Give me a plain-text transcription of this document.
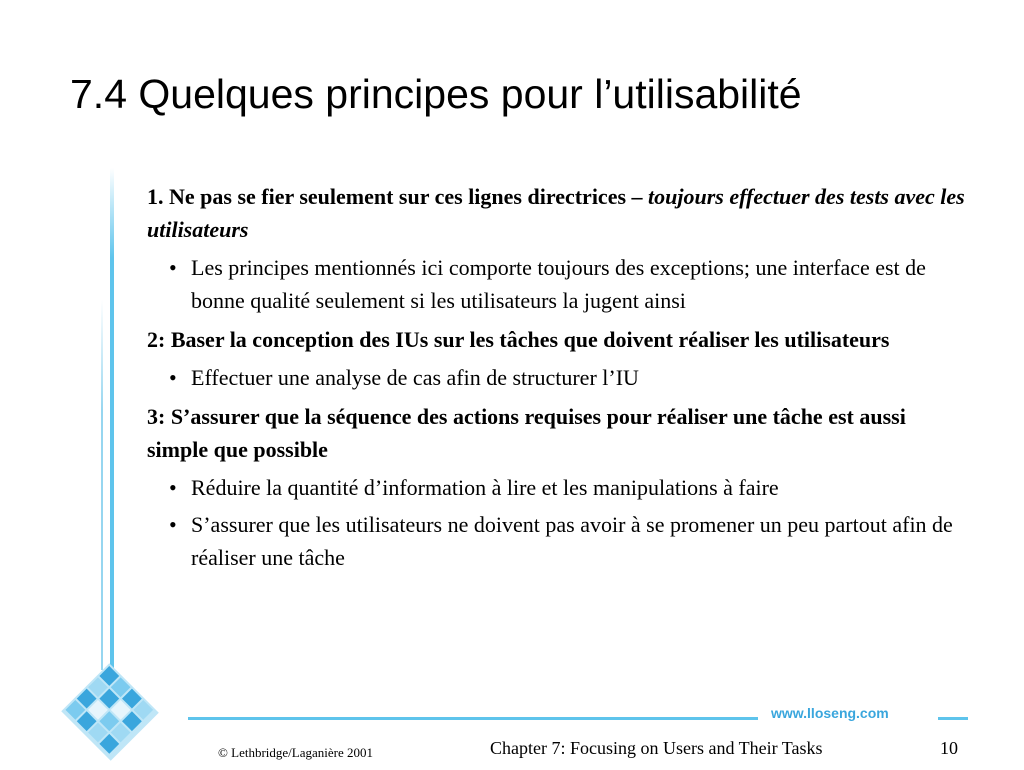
7.4 Quelques principes pour l’utilisabilité
1. Ne pas se fier seulement sur ces lignes directrices – toujours effectuer des tests avec les utilisateurs
• Les principes mentionnés ici comporte toujours des exceptions; une interface est de bonne qualité seulement si les utilisateurs la jugent ainsi
2: Baser la conception des IUs sur les tâches que doivent réaliser les utilisateurs
• Effectuer une analyse de cas afin de structurer l’IU
3: S’assurer que la séquence des actions requises pour réaliser une tâche est aussi simple que possible
• Réduire la quantité d’information à lire et les manipulations à faire
• S’assurer que les utilisateurs ne doivent pas avoir à se promener un peu partout afin de réaliser une tâche
www.lloseng.com
© Lethbridge/Laganière 2001	Chapter 7: Focusing on Users and Their Tasks	10
